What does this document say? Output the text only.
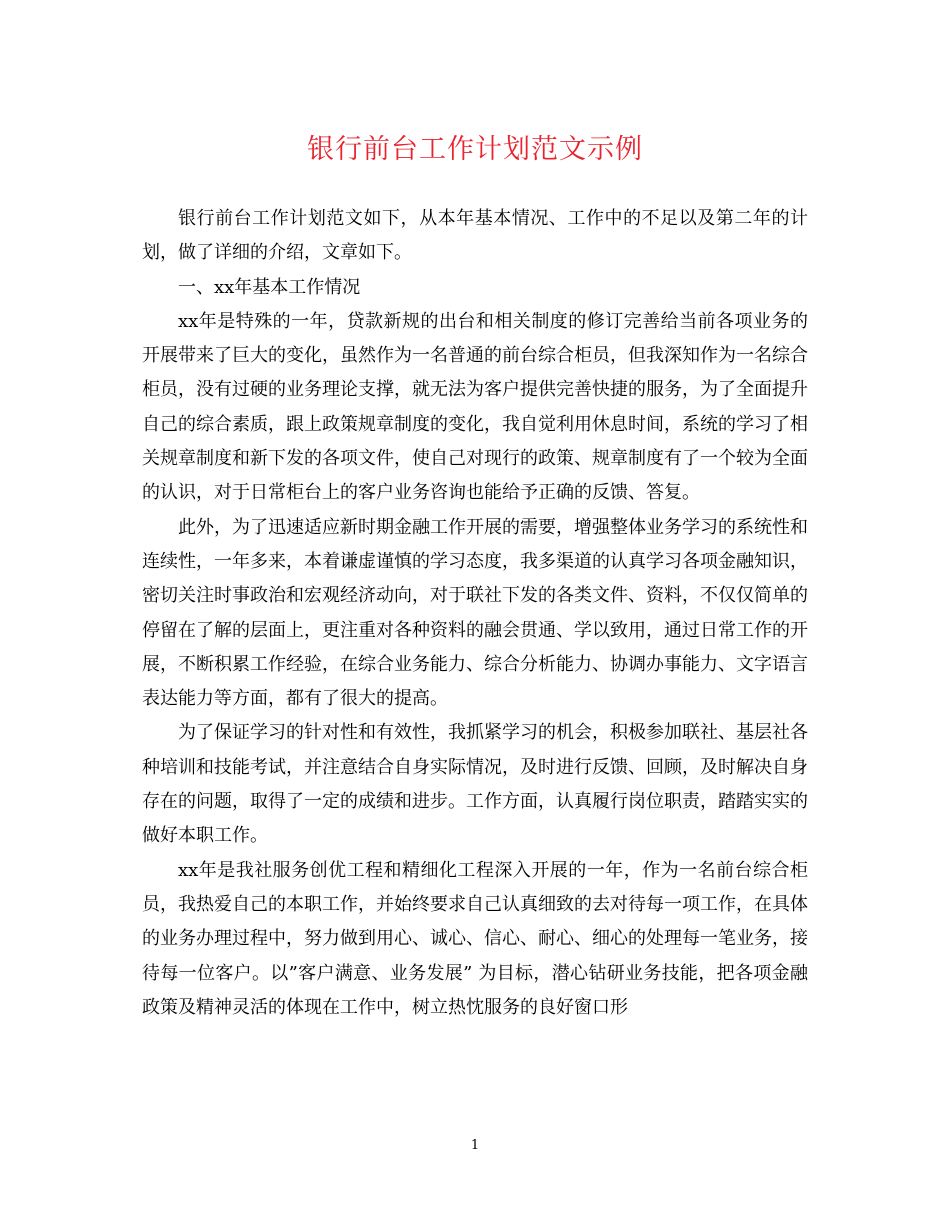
银行前台工作计划范文示例

银行前台工作计划范文如下，从本年基本情况、工作中的不足以及第二年的计划，做了详细的介绍，文章如下。

一、xx年基本工作情况

xx年是特殊的一年，贷款新规的出台和相关制度的修订完善给当前各项业务的开展带来了巨大的变化，虽然作为一名普通的前台综合柜员，但我深知作为一名综合柜员，没有过硬的业务理论支撑，就无法为客户提供完善快捷的服务，为了全面提升自己的综合素质，跟上政策规章制度的变化，我自觉利用休息时间，系统的学习了相关规章制度和新下发的各项文件，使自己对现行的政策、规章制度有了一个较为全面的认识，对于日常柜台上的客户业务咨询也能给予正确的反馈、答复。

此外，为了迅速适应新时期金融工作开展的需要，增强整体业务学习的系统性和连续性，一年多来，本着谦虚谨慎的学习态度，我多渠道的认真学习各项金融知识，密切关注时事政治和宏观经济动向，对于联社下发的各类文件、资料，不仅仅简单的停留在了解的层面上，更注重对各种资料的融会贯通、学以致用，通过日常工作的开展，不断积累工作经验，在综合业务能力、综合分析能力、协调办事能力、文字语言表达能力等方面，都有了很大的提高。

为了保证学习的针对性和有效性，我抓紧学习的机会，积极参加联社、基层社各种培训和技能考试，并注意结合自身实际情况，及时进行反馈、回顾，及时解决自身存在的问题，取得了一定的成绩和进步。工作方面，认真履行岗位职责，踏踏实实的做好本职工作。

xx年是我社服务创优工程和精细化工程深入开展的一年，作为一名前台综合柜员，我热爱自己的本职工作，并始终要求自己认真细致的去对待每一项工作，在具体的业务办理过程中，努力做到用心、诚心、信心、耐心、细心的处理每一笔业务，接待每一位客户。以”客户满意、业务发展” 为目标，潜心钻研业务技能，把各项金融政策及精神灵活的体现在工作中，树立热忱服务的良好窗口形

1
